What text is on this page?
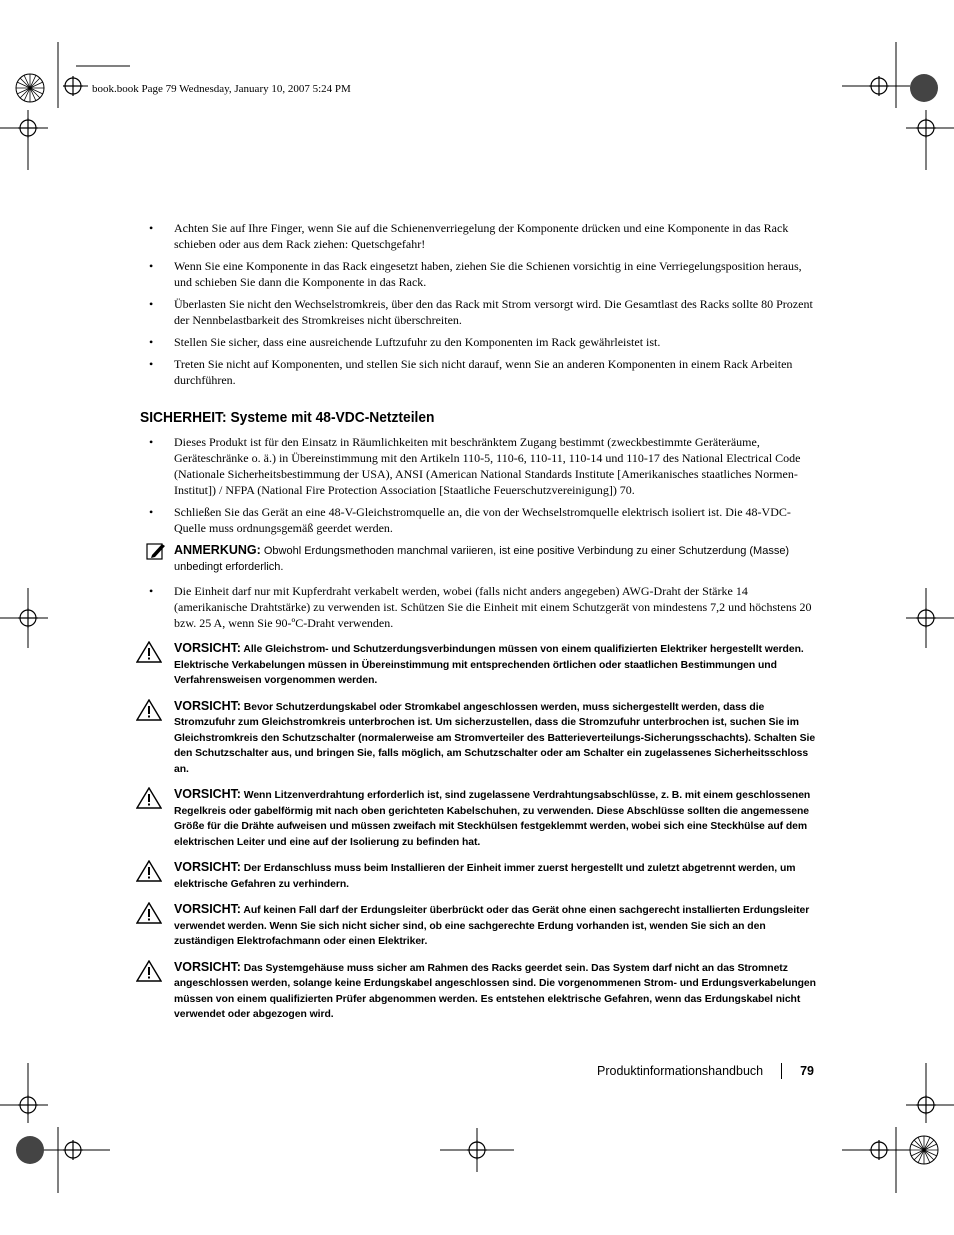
book.book Page 79 Wednesday, January 10, 2007 5:24 PM
• Achten Sie auf Ihre Finger, wenn Sie auf die Schienenverriegelung der Komponente drücken und eine Komponente in das Rack schieben oder aus dem Rack ziehen: Quetschgefahr!
• Wenn Sie eine Komponente in das Rack eingesetzt haben, ziehen Sie die Schienen vorsichtig in eine Verriegelungsposition heraus, und schieben Sie dann die Komponente in das Rack.
• Überlasten Sie nicht den Wechselstromkreis, über den das Rack mit Strom versorgt wird. Die Gesamtlast des Racks sollte 80 Prozent der Nennbelastbarkeit des Stromkreises nicht überschreiten.
• Stellen Sie sicher, dass eine ausreichende Luftzufuhr zu den Komponenten im Rack gewährleistet ist.
• Treten Sie nicht auf Komponenten, und stellen Sie sich nicht darauf, wenn Sie an anderen Komponenten in einem Rack Arbeiten durchführen.
SICHERHEIT: Systeme mit 48-VDC-Netzteilen
• Dieses Produkt ist für den Einsatz in Räumlichkeiten mit beschränktem Zugang bestimmt (zweckbestimmte Geräteräume, Geräteschränke o. ä.) in Übereinstimmung mit den Artikeln 110-5, 110-6, 110-11, 110-14 und 110-17 des National Electrical Code (Nationale Sicherheitsbestimmung der USA), ANSI (American National Standards Institute [Amerikanisches staatliches Normen-Institut]) / NFPA (National Fire Protection Association [Staatliche Feuerschutzvereinigung]) 70.
• Schließen Sie das Gerät an eine 48-V-Gleichstromquelle an, die von der Wechselstromquelle elektrisch isoliert ist. Die 48-VDC-Quelle muss ordnungsgemäß geerdet werden.
ANMERKUNG: Obwohl Erdungsmethoden manchmal variieren, ist eine positive Verbindung zu einer Schutzerdung (Masse) unbedingt erforderlich.
• Die Einheit darf nur mit Kupferdraht verkabelt werden, wobei (falls nicht anders angegeben) AWG-Draht der Stärke 14 (amerikanische Drahtstärke) zu verwenden ist. Schützen Sie die Einheit mit einem Schutzgerät von mindestens 7,2 und höchstens 20 bzw. 25 A, wenn Sie 90-ºC-Draht verwenden.
VORSICHT: Alle Gleichstrom- und Schutzerdungsverbindungen müssen von einem qualifizierten Elektriker hergestellt werden. Elektrische Verkabelungen müssen in Übereinstimmung mit entsprechenden örtlichen oder staatlichen Bestimmungen und Verfahrensweisen vorgenommen werden.
VORSICHT: Bevor Schutzerdungskabel oder Stromkabel angeschlossen werden, muss sichergestellt werden, dass die Stromzufuhr zum Gleichstromkreis unterbrochen ist. Um sicherzustellen, dass die Stromzufuhr unterbrochen ist, suchen Sie im Gleichstromkreis den Schutzschalter (normalerweise am Stromverteiler des Batterieverteilungs-Sicherungsschachts). Schalten Sie den Schutzschalter aus, und bringen Sie, falls möglich, am Schutzschalter oder am Schalter ein zugelassenes Sicherheitsschloss an.
VORSICHT: Wenn Litzenverdrahtung erforderlich ist, sind zugelassene Verdrahtungsabschlüsse, z. B. mit einem geschlossenen Regelkreis oder gabelförmig mit nach oben gerichteten Kabelschuhen, zu verwenden. Diese Abschlüsse sollten die angemessene Größe für die Drähte aufweisen und müssen zweifach mit Steckhülsen festgeklemmt werden, wobei sich eine Steckhülse auf dem elektrischen Leiter und eine auf der Isolierung zu befinden hat.
VORSICHT: Der Erdanschluss muss beim Installieren der Einheit immer zuerst hergestellt und zuletzt abgetrennt werden, um elektrische Gefahren zu verhindern.
VORSICHT: Auf keinen Fall darf der Erdungsleiter überbrückt oder das Gerät ohne einen sachgerecht installierten Erdungsleiter verwendet werden. Wenn Sie sich nicht sicher sind, ob eine sachgerechte Erdung vorhanden ist, wenden Sie sich an den zuständigen Elektrofachmann oder einen Elektriker.
VORSICHT: Das Systemgehäuse muss sicher am Rahmen des Racks geerdet sein. Das System darf nicht an das Stromnetz angeschlossen werden, solange keine Erdungskabel angeschlossen sind. Die vorgenommenen Strom- und Erdungsverkabelungen müssen von einem qualifizierten Prüfer abgenommen werden. Es entstehen elektrische Gefahren, wenn das Erdungskabel nicht verwendet oder abgezogen wird.
Produktinformationshandbuch	79
